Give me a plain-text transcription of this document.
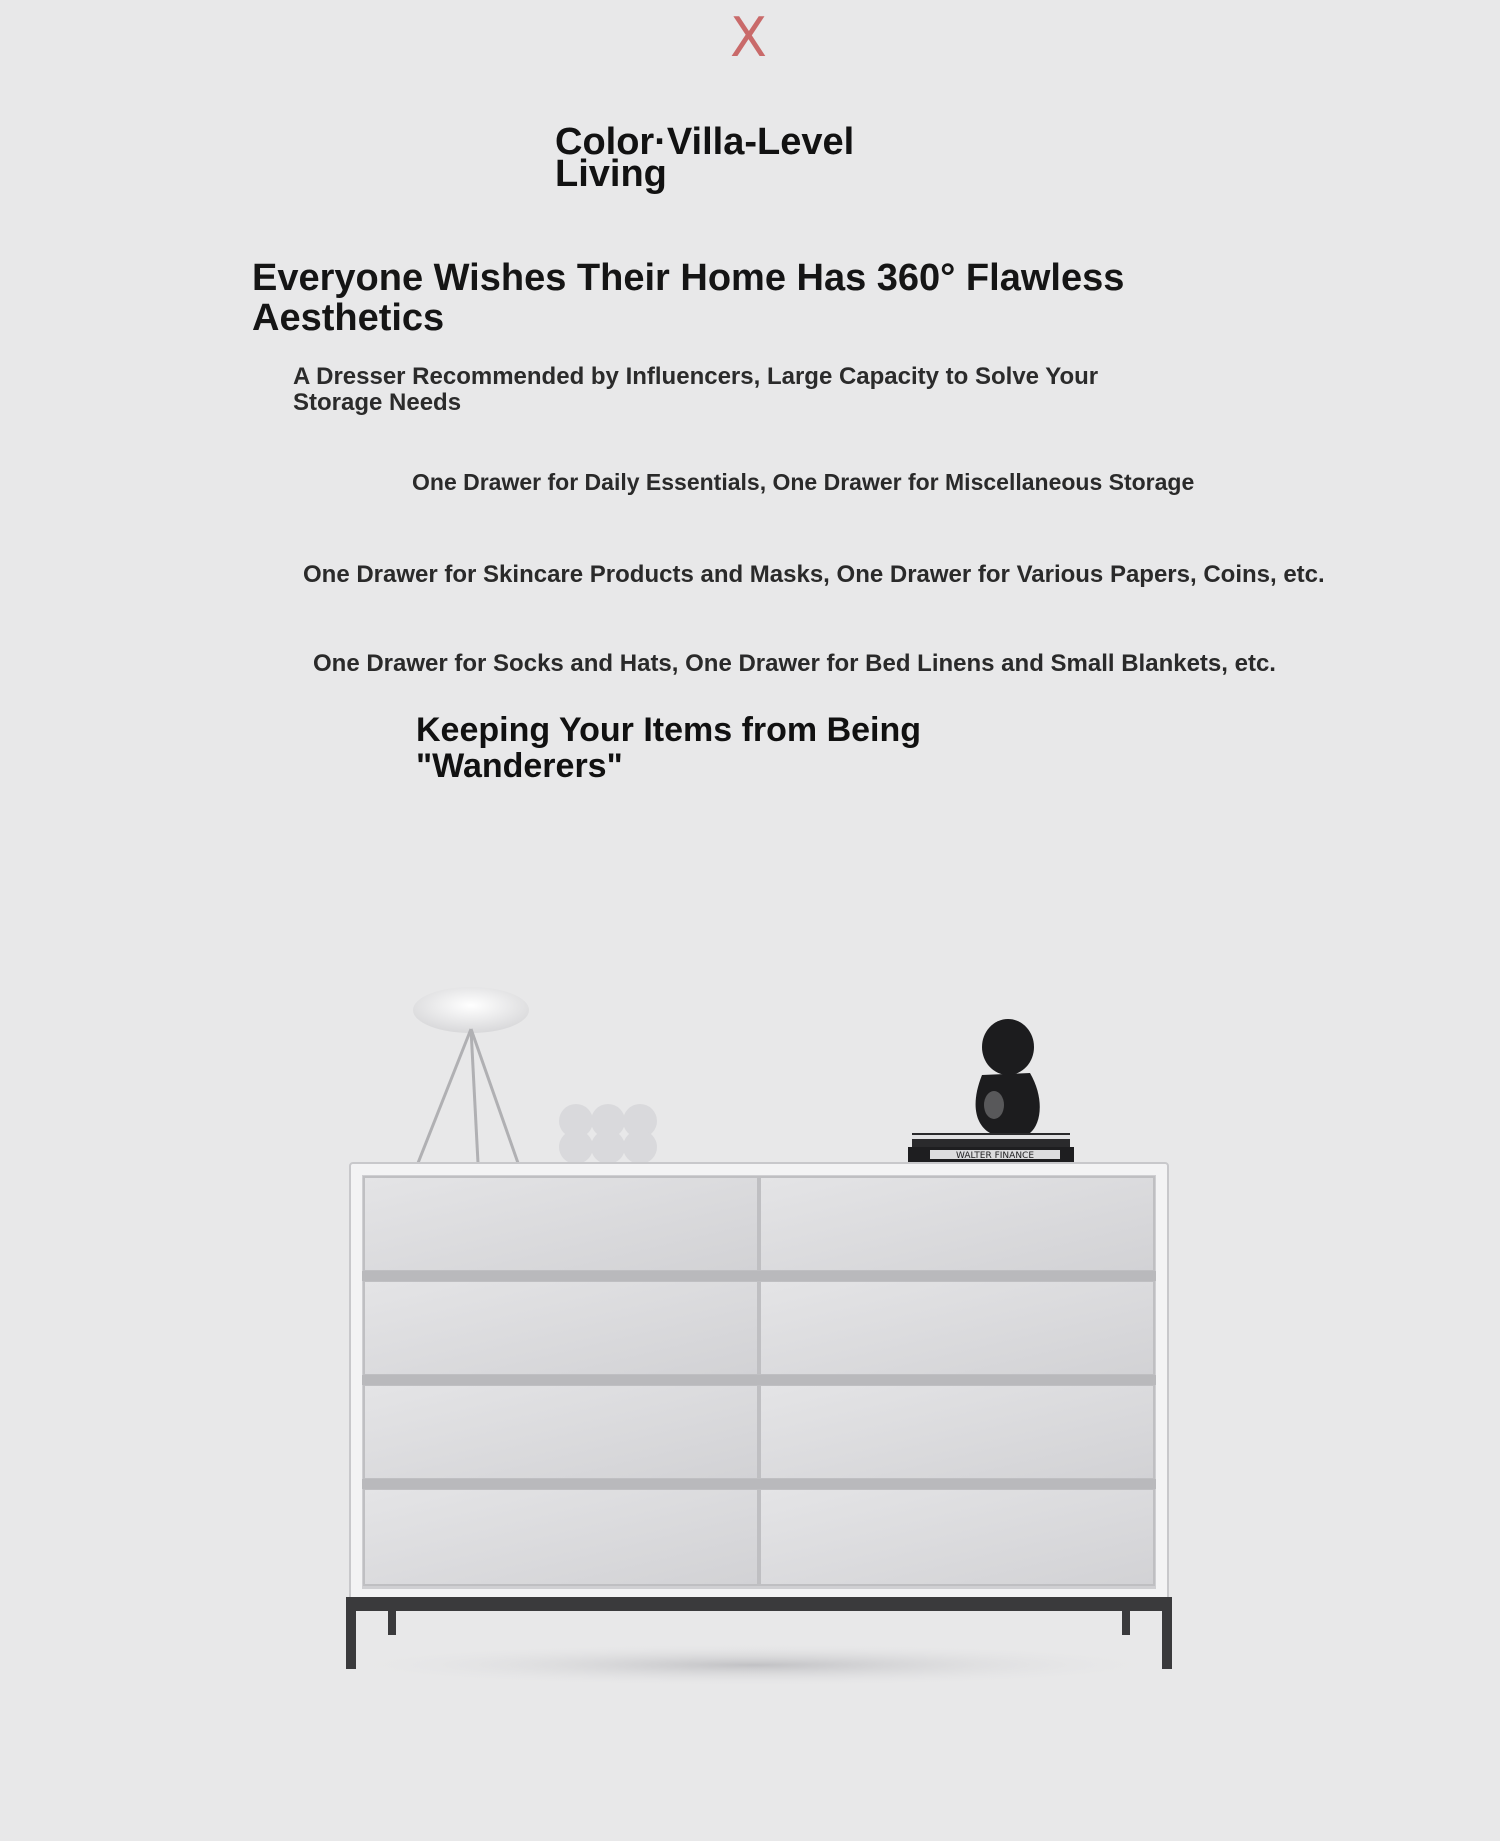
X
Color·Villa-Level Living
Everyone Wishes Their Home Has 360° Flawless Aesthetics
A Dresser Recommended by Influencers, Large Capacity to Solve Your Storage Needs

One Drawer for Daily Essentials, One Drawer for Miscellaneous Storage

One Drawer for Skincare Products and Masks, One Drawer for Various Papers, Coins, etc.

One Drawer for Socks and Hats, One Drawer for Bed Linens and Small Blankets, etc.

Keeping Your Items from Being "Wanderers"
WALTER FINANCE
